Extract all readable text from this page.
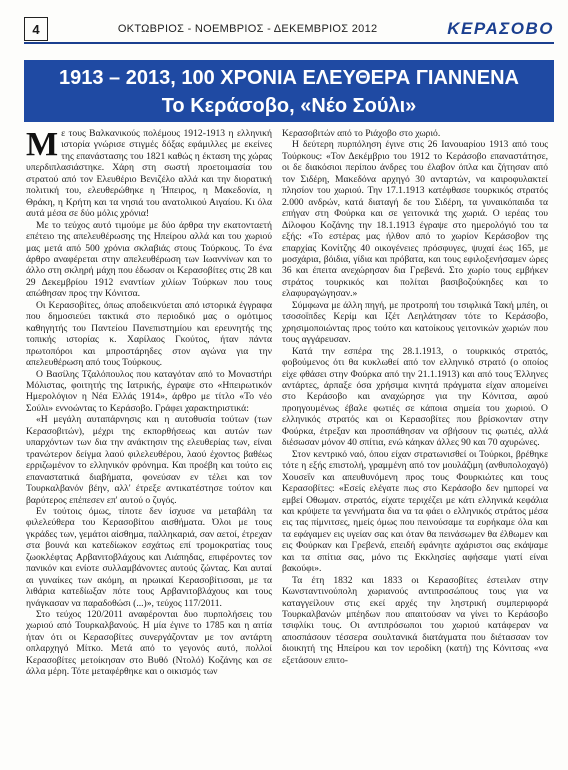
4	ΟΚΤΩΒΡΙΟΣ - ΝΟΕΜΒΡΙΟΣ - ΔΕΚΕΜΒΡΙΟΣ 2012	ΚΕΡΑΣΟΒΟ
1913 – 2013, 100 ΧΡΟΝΙΑ ΕΛΕΥΘΕΡΑ ΓΙΑΝΝΕΝΑ
Το Κεράσοβο, «Νέο Σούλι»
Μ ε τους Βαλκανικούς πολέμους 1912-1913 η ελληνική ιστορία γνώρισε στιγμές δόξας εφάμιλλες με εκείνες της επανάστασης του 1821 καθώς η έκταση της χώρας υπερδιπλασιάστηκε. Χάρη στη σωστή προετοιμασία του στρατού από τον Ελευθέριο Βενιζέλο αλλά και την διορατική πολιτική του, ελευθερώθηκε η Ήπειρος, η Μακεδονία, η Θράκη, η Κρήτη και τα νησιά του ανατολικού Αιγαίου. Κι όλα αυτά μέσα σε δύο μόλις χρόνια!

Με το τεύχος αυτό τιμούμε με δύο άρθρα την εκατονταετή επέτειο της απελευθέρωσης της Ηπείρου αλλά και του χωριού μας μετά από 500 χρόνια σκλαβιάς στους Τούρκους. Το ένα άρθρο αναφέρεται στην απελευθέρωση των Ιωαννίνων και το άλλο στη σκληρή μάχη που έδωσαν οι Κερασοβίτες στις 28 και 29 Δεκεμβρίου 1912 εναντίων χιλίων Τούρκων που τους απώθησαν προς την Κόνιτσα.

Οι Κερασοβίτες, όπως αποδεικνύεται από ιστορικά έγγραφα που δημοσιεύει τακτικά στο περιοδικό μας ο ομότιμος καθηγητής του Παντείου Πανεπιστημίου και ερευνητής της τοπικής ιστορίας κ. Χαρίλαος Γκούτος, ήταν πάντα πρωτοπόροι και μπροστάρηδες στον αγώνα για την απελευθέρωση από τους Τούρκους.

Ο Βασίλης Τζαλόπουλος που καταγόταν από το Μοναστήρι Μόλιστας, φοιτητής της Ιατρικής, έγραψε στο «Ηπειρωτικόν Ημερολόγιον η Νέα Ελλάς 1914», άρθρο με τίτλο «Το νέο Σούλι» εννοώντας το Κεράσοβο. Γράφει χαρακτηριστικά:

«Η μεγάλη αυταπάρνησις και η αυτοθυσία τούτων (των Κερασοβιτών), μέχρι της εκπορθήσεως και αυτών των υπαρχόντων των δια την ανάκτησιν της ελευθερίας των, είναι τρανώτερον δείγμα λαού φιλελευθέρου, λαού έχοντος βαθέως ερριζωμένον το ελληνικόν φρόνημα. Και προέβη και τούτο εις επαναστατικά διαβήματα, φονεύσαν εν τέλει και τον Τουρκαλβανόν βέην, αλλ' έτρεξε αντικατέστησε τούτον και βαρύτερος επέπεσεν επ' αυτού ο ζυγός.

Εν τούτοις όμως, τίποτε δεν ίσχυσε να μεταβάλη τα φιλελεύθερα του Κερασοβίτου αισθήματα. Όλοι με τους γκράδες των, γεμάτοι αίσθημα, παλληκαριά, σαν αετοί, έτρεχαν στα βουνά και κατεδίωκον εσχάτως επί τρομοκρατίας τους ζωοκλέφτας Αρβανιτοβλάχους και Λιάπηδας, επιφέροντες τον πανικόν και ενίοτε συλλαμβάνοντες αυτούς ζώντας. Και αυταί αι γυναίκες των ακόμη, αι ηρωικαί Κερασοβίτισσαι, με τα λιθάρια κατεδίωξαν πότε τους Αρβανιτοβλάχους και τους ηνάγκασαν να παραδοθώσι (...)», τεύχος 117/2011.

Στο τεύχος 120/2011 αναφέρονται δυο πυρπολήσεις του χωριού από Τουρκαλβανούς. Η μία έγινε το 1785 και η αιτία ήταν ότι οι Κερασοβίτες συνεργάζονταν με τον αντάρτη οπλαρχηγό Μίτκο. Μετά από το γεγονός αυτό, πολλοί Κερασοβίτες μετοίκησαν στο Βυθό (Ντολό) Κοζάνης και σε άλλα μέρη. Τότε μεταφέρθηκε και ο οικισμός των

Κερασοβιτών από το Ριάχοβο στο χωριό.

Η δεύτερη πυρπόληση έγινε στις 26 Ιανουαρίου 1913 από τους Τούρκους: «Τον Δεκέμβριο του 1912 το Κεράσοβο επαναστάτησε, οι δε διακόσιοι περίπου άνδρες του έλαβον όπλα και ζήτησαν από τον Σιδέρη, Μακεδόνα αρχηγό 30 ανταρτών, να καιροφυλακτεί πλησίον του χωριού. Την 17.1.1913 κατέφθασε τουρκικός στρατός 2.000 ανδρών, κατά διαταγή δε του Σιδέρη, τα γυναικόπαιδα τα επήγαν στη Φούρκα και σε γειτονικά της χωριά. Ο ιερέας του Δίλοφου Κοζάνης την 18.1.1913 έγραψε στο ημερολόγιό του τα εξής: «Το εστέρας μας ήλθον από το χωρίον Κεράσοβον της επαρχίας Κονίτζης 40 οικογένειες πρόσφυγες, ψυχαί έως 165, με μοσχάρια, βόιδια, γίδια και πρόβατα, και τους εφιλοξενήσαμεν ώρες 36 και έπειτα ανεχώρησαν δια Γρεβενά. Στο χωρίο τους εμβήκεν στράτος τουρκικός και πολίται βασιβοζούκηδες και το ελαφυραγώγησαν.»

Σύμφωνα με άλλη πηγή, με προτροπή του τσιφλικά Τακή μπέη, οι τσοσοϊπδες Κερίμ και Ιζέτ Λεηλάτησαν τότε το Κεράσοβο, χρησιμοποιώντας προς τούτο και κατοίκους γειτονικών χωριών που τους αγγάρευσαν.

Κατά την εσπέρα της 28.1.1913, ο τουρκικός στρατός, φοβούμενος ότι θα κυκλωθεί από τον ελληνικό στρατό (ο οποίος είχε φθάσει στην Φούρκα από την 21.1.1913) και από τους Έλληνες αντάρτες, άρπαξε όσα χρήσιμα κινητά πράγματα είχαν απομείνει στο Κεράσοβο και αναχώρησε για την Κόνιτσα, αφού προηγουμένως έβαλε φωτιές σε κάποια σημεία του χωριού. Ο ελληνικός στρατός και οι Κερασοβίτες που βρίσκονταν στην Φούρκα, έτρεξαν και προσπάθησαν να σβήσουν τις φωτιές, αλλά διέσωσαν μόνον 40 σπίτια, ενώ κάηκαν άλλες 90 και 70 αχυρώνες.

Στον κεντρικό ναό, όπου είχαν στρατωνισθεί οι Τούρκοι, βρέθηκε τότε η εξής επιστολή, γραμμένη από τον μουλάζιμη (ανθυπολοχαγό) Χουσεΐν και απευθυνόμενη προς τους Φουρκιώτες και τους Κερασοβίτες: «Εσείς ελέγατε πως στο Κεράσοβο δεν ημπορεί να εμβεί Οθωμαν. στρατός, είχατε τεριχέζει με κάτι ελληνικά κεφάλια και κρύψετε τα γεννήματα δια να τα φάει ο ελληνικός στράτος μέσα εις τας πίμνιτσες, ημείς όμως που πεινούσαμε τα ευρήκαμε όλα και τα εφάγαμεν εις υγείαν σας και όταν θα πεινάσωμεν θα έλθωμεν και εις Φούρκαν και Γρεβενά, επειδή εφάνητε αχάριστοι σας εκάψαμε και τα σπίτια σας, μόνο τις Εκκλησίες αφήσαμε γιατί είναι βακούφι».

Τα έτη 1832 και 1833 οι Κερασοβίτες έστειλαν στην Κωνσταντινούπολη χωριανούς αντιπροσώπους τους για να καταγγείλουν στις εκεί αρχές την ληστρική συμπεριφορά Τουρκαλβανών μπέηδων που απαιτούσαν να γίνει το Κεράσοβο τσιφλίκι τους. Οι αντιπρόσωποι του χωριού κατάφεραν να αποσπάσουν τέσσερα σουλτανικά διατάγματα που διέτασσαν τον διοικητή της Ηπείρου και τον ιεροδίκη (κατή) της Κόνιτσας «να εξετάσουν επιτο-
